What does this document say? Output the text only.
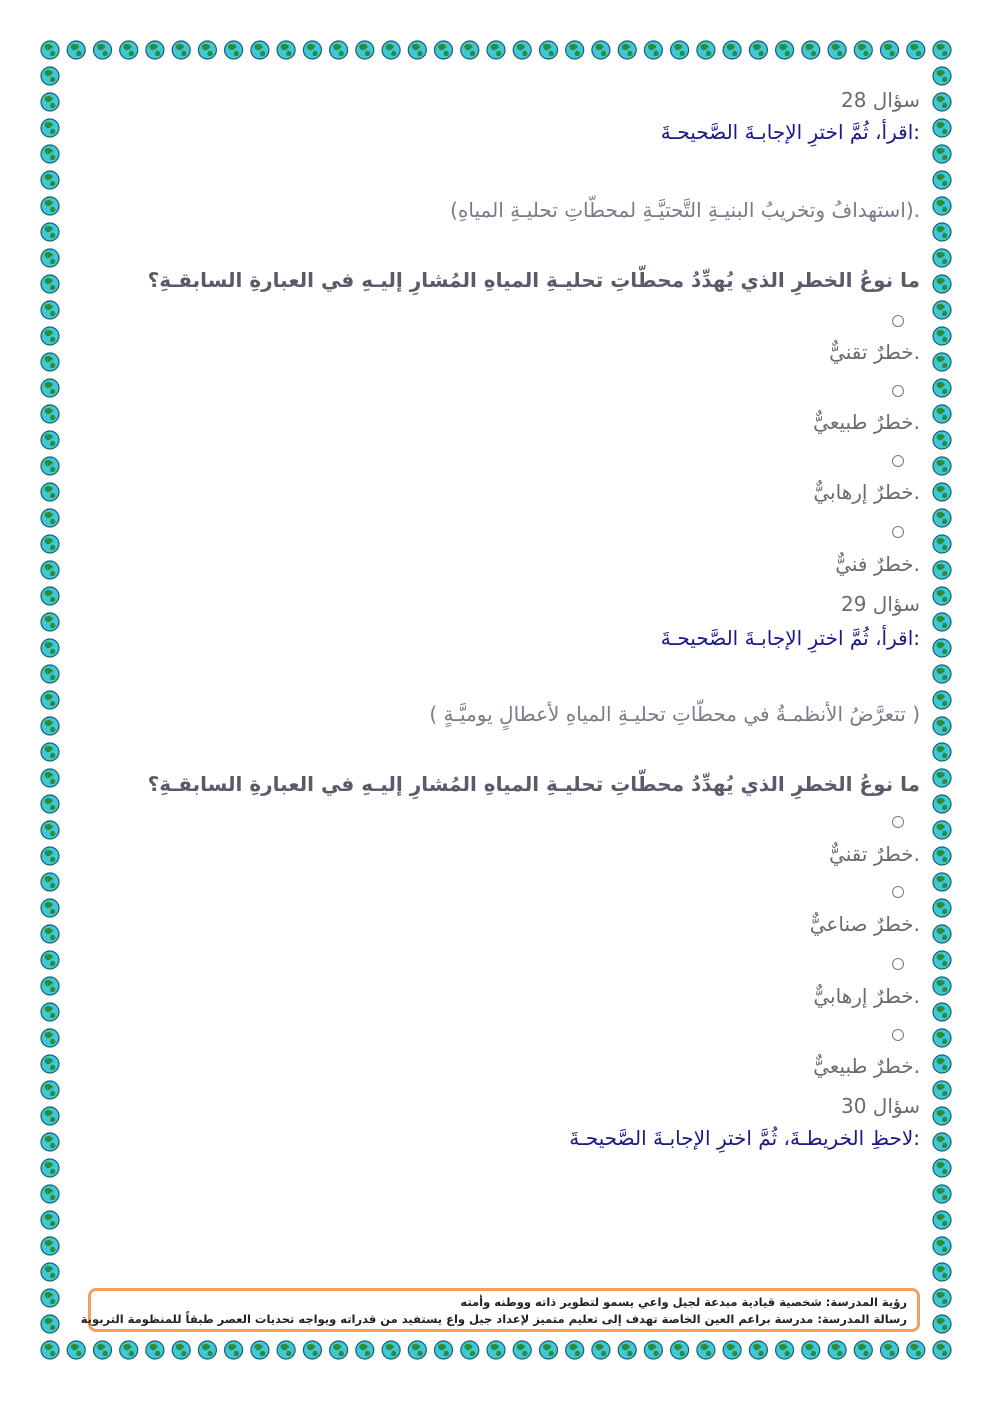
سؤال 28
:اقرأ، ثُمَّ اخترِ الإجابـةَ الصَّحيحـةَ
.(استهدافُ وتخريبُ البنيـةِ التَّحتيَّـةِ لمحطّاتِ تحليـةِ المياهِ)
ما نوعُ الخطرِ الذي يُهدِّدُ محطّاتِ تحليـةِ المياهِ المُشارِ إليـهِ في العبارةِ السابقـةِ؟
.خطرٌ تقنيٌّ
.خطرٌ طبيعيٌّ
.خطرٌ إرهابيٌّ
.خطرٌ فنيٌّ
سؤال 29
:اقرأ، ثُمَّ اخترِ الإجابـةَ الصَّحيحـةَ
( تتعرَّضُ الأنظمـةُ في محطّاتِ تحليـةِ المياهِ لأعطالٍ يوميَّـةٍ )
ما نوعُ الخطرِ الذي يُهدِّدُ محطّاتِ تحليـةِ المياهِ المُشارِ إليـهِ في العبارةِ السابقـةِ؟
.خطرٌ تقنيٌّ
.خطرٌ صناعيٌّ
.خطرٌ إرهابيٌّ
.خطرٌ طبيعيٌّ
سؤال 30
:لاحظِ الخريطـةَ، ثُمَّ اخترِ الإجابـةَ الصَّحيحـةَ
رؤية المدرسة: شخصية قيادية مبدعة لجيل واعي يسمو لتطوير ذاته ووطنه وأمته
رسالة المدرسة: مدرسة براعم العين الخاصة تهدف إلى تعليم متميز لإعداد جيل واع يستفيد من قدراته ويواجه تحديات العصر طبقاً للمنظومة التربوية
